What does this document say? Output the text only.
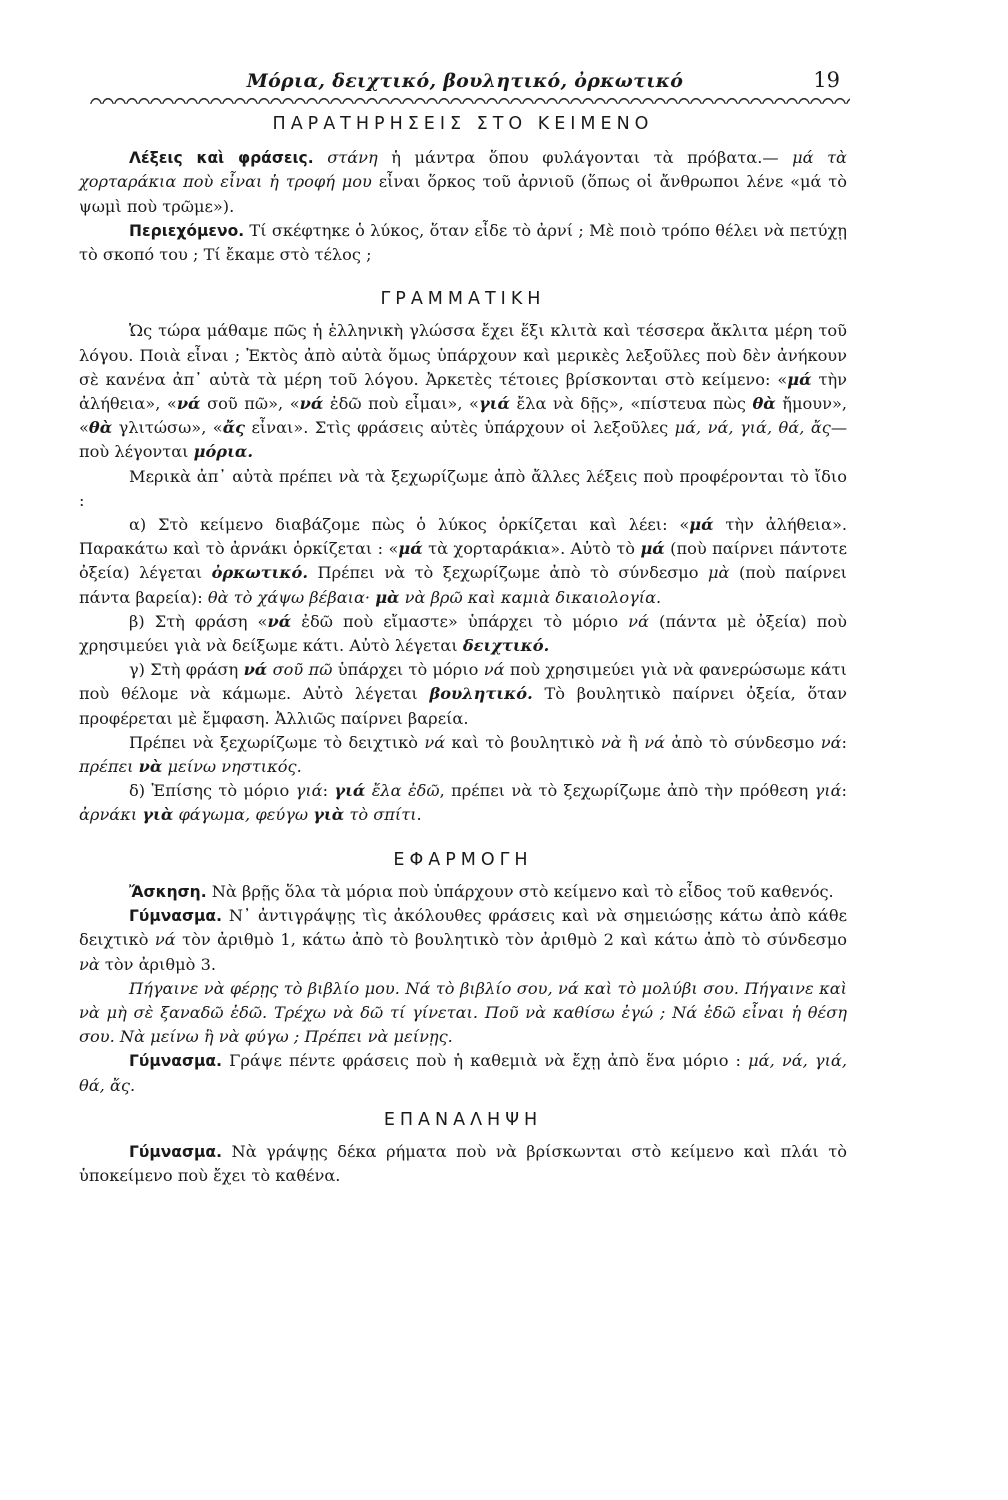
Μόρια, δειχτικό, βουλητικό, ὀρκωτικό	19
ΠΑΡΑΤΗΡΗΣΕΙΣ ΣΤΟ ΚΕΙΜΕΝΟ

Λέξεις καὶ φράσεις. στάνη ἡ μάντρα ὅπου φυλάγονται τὰ πρόβατα.— μά τὰ χορταράκια ποὺ εἶναι ἡ τροφή μου εἶναι ὅρκος τοῦ ἀρνιοῦ (ὅπως οἱ ἄνθρωποι λένε «μά τὸ ψωμὶ ποὺ τρῶμε»).

Περιεχόμενο. Τί σκέφτηκε ὁ λύκος, ὅταν εἶδε τὸ ἀρνί ; Μὲ ποιὸ τρόπο θέλει νὰ πετύχῃ τὸ σκοπό του ; Τί ἔκαμε στὸ τέλος ;

ΓΡΑΜΜΑΤΙΚΗ

Ὡς τώρα μάθαμε πῶς ἡ ἑλληνικὴ γλώσσα ἔχει ἕξι κλιτὰ καὶ τέσσερα ἄκλιτα μέρη τοῦ λόγου. Ποιὰ εἶναι ; Ἐκτὸς ἀπὸ αὐτὰ ὅμως ὑπάρχουν καὶ μερικὲς λεξοῦλες ποὺ δὲν ἀνήκουν σὲ κανένα ἀπ᾽ αὐτὰ τὰ μέρη τοῦ λόγου. Ἀρκετὲς τέτοιες βρίσκονται στὸ κείμενο: «μά τὴν ἀλήθεια», «νά σοῦ πῶ», «νά ἐδῶ ποὺ εἶμαι», «γιά ἔλα νὰ δῇς», «πίστευα πὼς θὰ ἤμουν», «θὰ γλιτώσω», «ἄς εἶναι». Στὶς φράσεις αὐτὲς ὑπάρχουν οἱ λεξοῦλες μά, νά, γιά, θά, ἄς—ποὺ λέγονται μόρια.

Μερικὰ ἀπ᾽ αὐτὰ πρέπει νὰ τὰ ξεχωρίζωμε ἀπὸ ἄλλες λέξεις ποὺ προφέρονται τὸ ἴδιο :

α) Στὸ κείμενο διαβάζομε πὼς ὁ λύκος ὁρκίζεται καὶ λέει: «μά τὴν ἀλήθεια». Παρακάτω καὶ τὸ ἀρνάκι ὁρκίζεται : «μά τὰ χορταράκια». Αὐτὸ τὸ μά (ποὺ παίρνει πάντοτε ὀξεία) λέγεται ὀρκωτικό. Πρέπει νὰ τὸ ξεχωρίζωμε ἀπὸ τὸ σύνδεσμο μὰ (ποὺ παίρνει πάντα βαρεία): θὰ τὸ χάψω βέβαια· μὰ νὰ βρῶ καὶ καμιὰ δικαιολογία.

β) Στὴ φράση «νά ἐδῶ ποὺ εἴμαστε» ὑπάρχει τὸ μόριο νά (πάντα μὲ ὀξεία) ποὺ χρησιμεύει γιὰ νὰ δείξωμε κάτι. Αὐτὸ λέγεται δειχτικό.

γ) Στὴ φράση νά σοῦ πῶ ὑπάρχει τὸ μόριο νά ποὺ χρησιμεύει γιὰ νὰ φανερώσωμε κάτι ποὺ θέλομε νὰ κάμωμε. Αὐτὸ λέγεται βουλητικό. Τὸ βουλητικὸ παίρνει ὀξεία, ὅταν προφέρεται μὲ ἔμφαση. Ἀλλιῶς παίρνει βαρεία.

Πρέπει νὰ ξεχωρίζωμε τὸ δειχτικὸ νά καὶ τὸ βουλητικὸ νὰ ἢ νά ἀπὸ τὸ σύνδεσμο νά: πρέπει νὰ μείνω νηστικός.

δ) Ἐπίσης τὸ μόριο γιά: γιά ἔλα ἐδῶ, πρέπει νὰ τὸ ξεχωρίζωμε ἀπὸ τὴν πρόθεση γιά: ἀρνάκι γιὰ φάγωμα, φεύγω γιὰ τὸ σπίτι.

ΕΦΑΡΜΟΓΗ

Ἄσκηση. Νὰ βρῇς ὅλα τὰ μόρια ποὺ ὑπάρχουν στὸ κείμενο καὶ τὸ εἶδος τοῦ καθενός.

Γύμνασμα. Ν᾽ ἀντιγράψῃς τὶς ἀκόλουθες φράσεις καὶ νὰ σημειώσῃς κάτω ἀπὸ κάθε δειχτικὸ νά τὸν ἀριθμὸ 1, κάτω ἀπὸ τὸ βουλητικὸ τὸν ἀριθμὸ 2 καὶ κάτω ἀπὸ τὸ σύνδεσμο νὰ τὸν ἀριθμὸ 3.

Πήγαινε νὰ φέρῃς τὸ βιβλίο μου. Νά τὸ βιβλίο σου, νά καὶ τὸ μολύβι σου. Πήγαινε καὶ νὰ μὴ σὲ ξαναδῶ ἐδῶ. Τρέχω νὰ δῶ τί γίνεται. Ποῦ νὰ καθίσω ἐγώ ; Νά ἐδῶ εἶναι ἡ θέση σου. Νὰ μείνω ἢ νὰ φύγω ; Πρέπει νὰ μείνῃς.

Γύμνασμα. Γράψε πέντε φράσεις ποὺ ἡ καθεμιὰ νὰ ἔχῃ ἀπὸ ἕνα μόριο : μά, νά, γιά, θά, ἄς.

ΕΠΑΝΑΛΗΨΗ

Γύμνασμα. Νὰ γράψῃς δέκα ρήματα ποὺ νὰ βρίσκωνται στὸ κείμενο καὶ πλάι τὸ ὑποκείμενο ποὺ ἔχει τὸ καθένα.
